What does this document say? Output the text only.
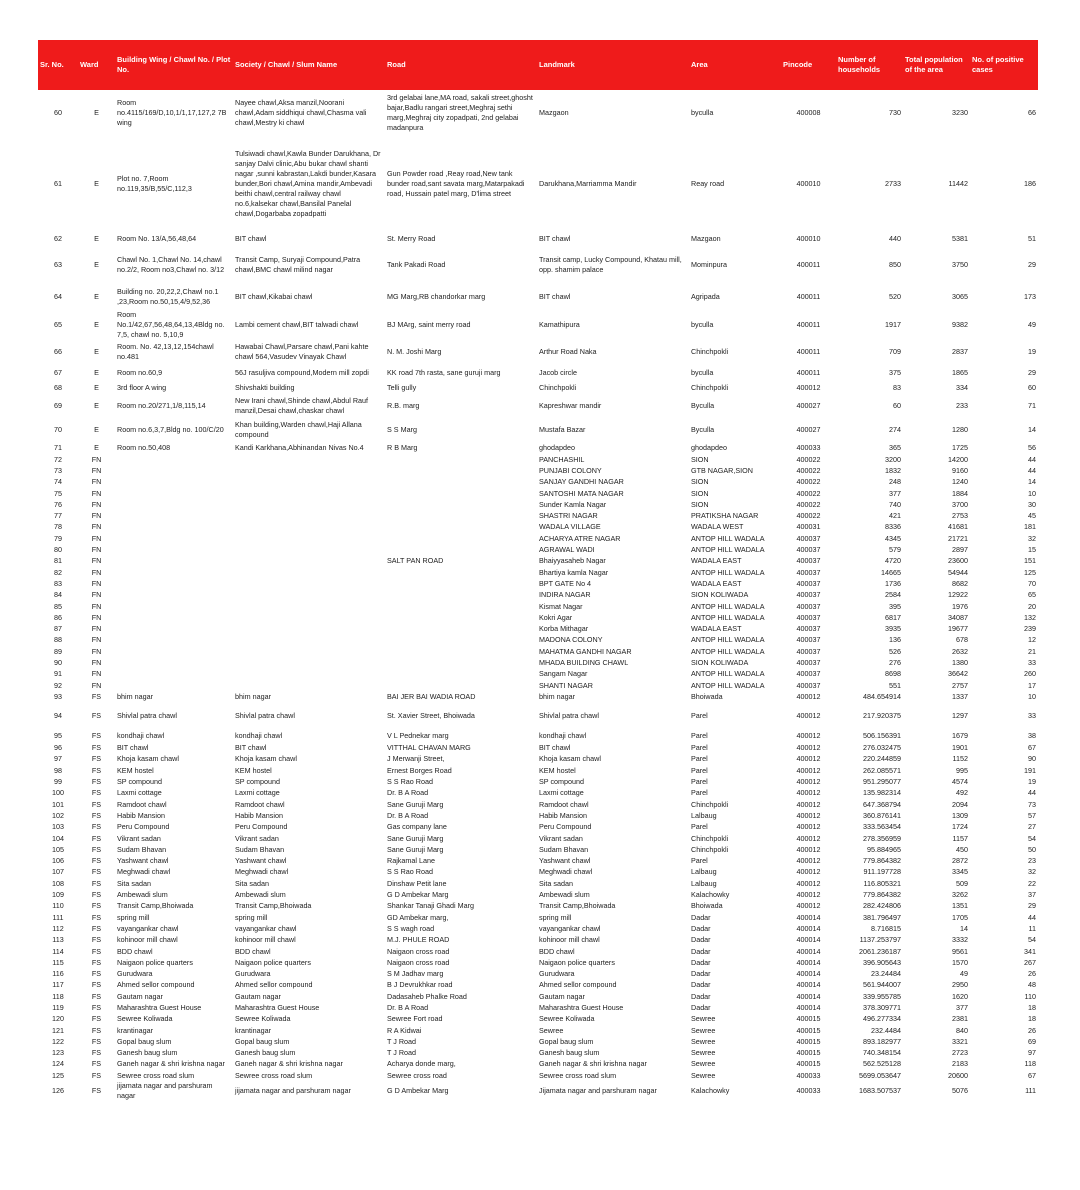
Sr. No.	Ward	Building Wing / Chawl No. / Plot No.	Society / Chawl / Slum Name	Road	Landmark	Area	Pincode	Number of households	Total population of the area	No. of positive cases
60	E	Room no.4115/169/D,10,1/1,17,127,2 7B wing	Nayee chawl,Aksa manzil,Noorani chawl,Adam siddhiqui chawl,Chasma vali chawl,Mestry ki chawl	3rd gelabai lane,MA road, sakali street,ghosht bajar,Badlu rangari street,Meghraj sethi marg,Meghraj city zopadpati, 2nd gelabai madanpura	Mazgaon	byculla	400008	730	3230	66
61	E	Plot no. 7,Room no.119,35/B,55/C,112,3	Tulsiwadi chawl,Kawla Bunder Darukhana, Dr sanjay Dalvi clinic,Abu bukar chawl shanti nagar ,sunni kabrastan,Lakdi bunder,Kasara bunder,Bori chawl,Amina mandir,Ambevadi beithi chawl,central railway chawl no.6,kalsekar chawl,Bansilal Panelal chawl,Dogarbaba zopadpatti	Gun Powder road ,Reay road,New tank bunder road,sant savata marg,Matarpakadi road, Hussain patel marg, D'lima street	Darukhana,Marriamma Mandir	Reay road	400010	2733	11442	186
62	E	Room No. 13/A,56,48,64	BIT chawl	St. Merry Road	BIT chawl	Mazgaon	400010	440	5381	51
63	E	Chawl No. 1,Chawl No. 14,chawl no.2/2, Room no3,Chawl no. 3/12	Transit Camp, Suryaji Compound,Patra chawl,BMC chawl milind nagar	Tank Pakadi Road	Transit camp, Lucky Compound, Khatau mill, opp. shamim palace	Mominpura	400011	850	3750	29
64	E	Building no. 20,22,2,Chawl no.1 ,23,Room no.50,15,4/9,52,36	BIT chawl,Kikabai chawl	MG Marg,RB chandorkar marg	BIT chawl	Agripada	400011	520	3065	173
65	E	Room No.1/42,67,56,48,64,13,4Bldg no. 7,5, chawl no. 5,10,9	Lambi cement chawl,BIT talwadi chawl	BJ MArg, saint merry road	Kamathipura	byculla	400011	1917	9382	49
66	E	Room. No. 42,13,12,154chawl no.481	Hawabai Chawl,Parsare chawl,Pani kahte chawl 564,Vasudev Vinayak Chawl	N. M. Joshi Marg	Arthur Road Naka	Chinchpokli	400011	709	2837	19
67	E	Room no.60,9	56J rasuljiva compound,Modern mill zopdi	KK road 7th rasta, sane guruji marg	Jacob circle	byculla	400011	375	1865	29
68	E	3rd floor A wing	Shivshakti building	Telli gully	Chinchpokli	Chinchpokli	400012	83	334	60
69	E	Room no.20/271,1/8,115,14	New Irani chawl,Shinde chawl,Abdul Rauf manzil,Desai chawl,chaskar chawl	R.B. marg	Kapreshwar mandir	Byculla	400027	60	233	71
70	E	Room no.6,3,7,Bldg no. 100/C/20	Khan building,Warden chawl,Haji Allana compound	S S Marg	Mustafa Bazar	Byculla	400027	274	1280	14
71	E	Room no.50,408	Kandi Karkhana,Abhinandan Nivas No.4	R B Marg	ghodapdeo	ghodapdeo	400033	365	1725	56
72	FN				PANCHASHIL	SION	400022	3200	14200	44
73	FN				PUNJABI COLONY	GTB NAGAR,SION	400022	1832	9160	44
74	FN				SANJAY GANDHI NAGAR	SION	400022	248	1240	14
75	FN				SANTOSHI MATA NAGAR	SION	400022	377	1884	10
76	FN				Sunder Kamla Nagar	SION	400022	740	3700	30
77	FN				SHASTRI NAGAR	PRATIKSHA NAGAR	400022	421	2753	45
78	FN				WADALA VILLAGE	WADALA WEST	400031	8336	41681	181
79	FN				ACHARYA ATRE NAGAR	ANTOP HILL WADALA	400037	4345	21721	32
80	FN				AGRAWAL WADI	ANTOP HILL WADALA	400037	579	2897	15
81	FN			SALT PAN ROAD	Bhaiyyasaheb Nagar	WADALA EAST	400037	4720	23600	151
82	FN				Bhartiya kamla Nagar	ANTOP HILL WADALA	400037	14665	54944	125
83	FN				BPT GATE No 4	WADALA EAST	400037	1736	8682	70
84	FN				INDIRA NAGAR	SION KOLIWADA	400037	2584	12922	65
85	FN				Kismat Nagar	ANTOP HILL WADALA	400037	395	1976	20
86	FN				Kokri Agar	ANTOP HILL WADALA	400037	6817	34087	132
87	FN				Korba Mithagar	WADALA EAST	400037	3935	19677	239
88	FN				MADONA COLONY	ANTOP HILL WADALA	400037	136	678	12
89	FN				MAHATMA GANDHI NAGAR	ANTOP HILL WADALA	400037	526	2632	21
90	FN				MHADA BUILDING CHAWL	SION KOLIWADA	400037	276	1380	33
91	FN				Sangam Nagar	ANTOP HILL WADALA	400037	8698	36642	260
92	FN				SHANTI NAGAR	ANTOP HILL WADALA	400037	551	2757	17
93	FS	bhim nagar	bhim nagar	BAI JER BAI WADIA ROAD	bhim nagar	Bhoiwada	400012	484.654914	1337	10
94	FS	Shivlal patra chawl	Shivlal patra chawl	St. Xavier Street, Bhoiwada	Shivlal patra chawl	Parel	400012	217.920375	1297	33
95	FS	kondhaji chawl	kondhaji chawl	V L Pednekar marg	kondhaji chawl	Parel	400012	506.156391	1679	38
96	FS	BIT chawl	BIT chawl	VITTHAL CHAVAN MARG	BIT chawl	Parel	400012	276.032475	1901	67
97	FS	Khoja kasam chawl	Khoja kasam chawl	J Merwanji Street,	Khoja kasam chawl	Parel	400012	220.244859	1152	90
98	FS	KEM hostel	KEM hostel	Ernest Borges Road	KEM hostel	Parel	400012	262.085571	995	191
99	FS	SP compound	SP compound	S S Rao Road	SP compound	Parel	400012	951.295077	4574	19
100	FS	Laxmi cottage	Laxmi cottage	Dr. B A Road	Laxmi cottage	Parel	400012	135.982314	492	44
101	FS	Ramdoot chawl	Ramdoot chawl	Sane Guruji Marg	Ramdoot chawl	Chinchpokli	400012	647.368794	2094	73
102	FS	Habib Mansion	Habib Mansion	Dr. B A Road	Habib Mansion	Lalbaug	400012	360.876141	1309	57
103	FS	Peru Compound	Peru Compound	Gas company lane	Peru Compound	Parel	400012	333.563454	1724	27
104	FS	Vikrant sadan	Vikrant sadan	Sane Guruji Marg	Vikrant sadan	Chinchpokli	400012	278.356959	1157	54
105	FS	Sudam Bhavan	Sudam Bhavan	Sane Guruji Marg	Sudam Bhavan	Chinchpokli	400012	95.884965	450	50
106	FS	Yashwant chawl	Yashwant chawl	Rajkamal Lane	Yashwant chawl	Parel	400012	779.864382	2872	23
107	FS	Meghwadi chawl	Meghwadi chawl	S S Rao Road	Meghwadi chawl	Lalbaug	400012	911.197728	3345	32
108	FS	Sita sadan	Sita sadan	Dinshaw Petit lane	Sita sadan	Lalbaug	400012	116.805321	509	22
109	FS	Ambewadi slum	Ambewadi slum	G D Ambekar Marg	Ambewadi slum	Kalachowky	400012	779.864382	3262	37
110	FS	Transit Camp,Bhoiwada	Transit Camp,Bhoiwada	Shankar Tanaji Ghadi Marg	Transit Camp,Bhoiwada	Bhoiwada	400012	282.424806	1351	29
111	FS	spring mill	spring mill	GD Ambekar marg,	spring mill	Dadar	400014	381.796497	1705	44
112	FS	vayangankar chawl	vayangankar chawl	S S wagh road	vayangankar chawl	Dadar	400014	8.716815	14	11
113	FS	kohinoor mill chawl	kohinoor mill chawl	M.J. PHULE ROAD	kohinoor mill chawl	Dadar	400014	1137.253797	3332	54
114	FS	BDD chawl	BDD chawl	Naigaon cross road	BDD chawl	Dadar	400014	2061.236187	9561	341
115	FS	Naigaon police quarters	Naigaon police quarters	Naigaon cross road	Naigaon police quarters	Dadar	400014	396.905643	1570	267
116	FS	Gurudwara	Gurudwara	S M Jadhav marg	Gurudwara	Dadar	400014	23.24484	49	26
117	FS	Ahmed sellor compound	Ahmed sellor compound	B J Devrukhkar road	Ahmed sellor compound	Dadar	400014	561.944007	2950	48
118	FS	Gautam nagar	Gautam nagar	Dadasaheb Phalke Road	Gautam nagar	Dadar	400014	339.955785	1620	110
119	FS	Maharashtra Guest House	Maharashtra Guest House	Dr. B A Road	Maharashtra Guest House	Dadar	400014	378.309771	377	18
120	FS	Sewree Koliwada	Sewree Koliwada	Sewree Fort road	Sewree Koliwada	Sewree	400015	496.277334	2381	18
121	FS	krantinagar	krantinagar	R A Kidwai	Sewree	Sewree	400015	232.4484	840	26
122	FS	Gopal baug slum	Gopal baug slum	T J Road	Gopal baug slum	Sewree	400015	893.182977	3321	69
123	FS	Ganesh baug slum	Ganesh baug slum	T J Road	Ganesh baug slum	Sewree	400015	740.348154	2723	97
124	FS	Ganeh nagar & shri krishna nagar	Ganeh nagar & shri krishna nagar	Acharya donde marg,	Ganeh nagar & shri krishna nagar	Sewree	400015	562.525128	2183	118
125	FS	Sewree cross road slum	Sewree cross road slum	Sewree cross road	Sewree cross road slum	Sewree	400033	5699.053647	20600	67
126	FS	jijamata nagar and parshuram nagar	jijamata nagar and parshuram nagar	G D Ambekar Marg	Jijamata nagar and parshuram nagar	Kalachowky	400033	1683.507537	5076	111
